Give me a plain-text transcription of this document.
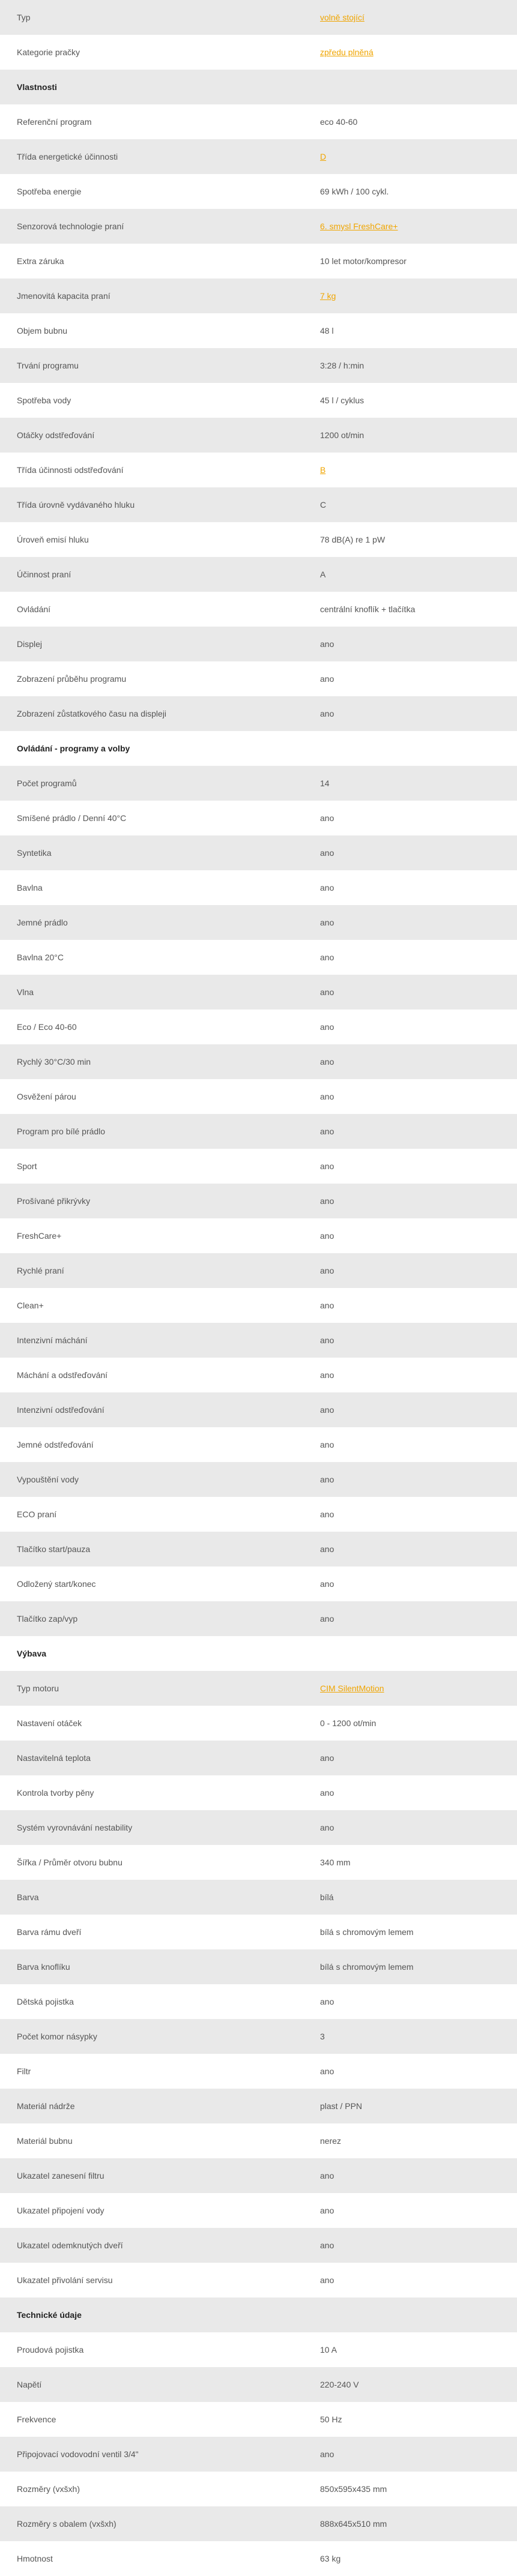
Typ	volně stojící
Kategorie pračky	zpředu plněná
Vlastnosti	
Referenční program	eco 40-60
Třída energetické účinnosti	D
Spotřeba energie	69 kWh / 100 cykl.
Senzorová technologie praní	6. smysl FreshCare+
Extra záruka	10 let motor/kompresor
Jmenovitá kapacita praní	7 kg
Objem bubnu	48 l
Trvání programu	3:28 / h:min
Spotřeba vody	45 l / cyklus
Otáčky odstřeďování	1200 ot/min
Třída účinnosti odstřeďování	B
Třída úrovně vydávaného hluku	C
Úroveň emisí hluku	78 dB(A) re 1 pW
Účinnost praní	A
Ovládání	centrální knoflík + tlačítka
Displej	ano
Zobrazení průběhu programu	ano
Zobrazení zůstatkového času na displeji	ano
Ovládání - programy a volby	
Počet programů	14
Smíšené prádlo / Denní 40°C	ano
Syntetika	ano
Bavlna	ano
Jemné prádlo	ano
Bavlna 20°C	ano
Vlna	ano
Eco / Eco 40-60	ano
Rychlý 30°C/30 min	ano
Osvěžení párou	ano
Program pro bílé prádlo	ano
Sport	ano
Prošívané přikrývky	ano
FreshCare+	ano
Rychlé praní	ano
Clean+	ano
Intenzivní máchání	ano
Máchání a odstřeďování	ano
Intenzivní odstřeďování	ano
Jemné odstřeďování	ano
Vypouštění vody	ano
ECO praní	ano
Tlačítko start/pauza	ano
Odložený start/konec	ano
Tlačítko zap/vyp	ano
Výbava	
Typ motoru	CIM SilentMotion
Nastavení otáček	0 - 1200 ot/min
Nastavitelná teplota	ano
Kontrola tvorby pěny	ano
Systém vyrovnávání nestability	ano
Šířka / Průměr otvoru bubnu	340 mm
Barva	bílá
Barva rámu dveří	bílá s chromovým lemem
Barva knoflíku	bílá s chromovým lemem
Dětská pojistka	ano
Počet komor násypky	3
Filtr	ano
Materiál nádrže	plast / PPN
Materiál bubnu	nerez
Ukazatel zanesení filtru	ano
Ukazatel připojení vody	ano
Ukazatel odemknutých dveří	ano
Ukazatel přivolání servisu	ano
Technické údaje	
Proudová pojistka	10 A
Napětí	220-240 V
Frekvence	50 Hz
Připojovací vodovodní ventil 3/4"	ano
Rozměry (vxšxh)	850x595x435 mm
Rozměry s obalem (vxšxh)	888x645x510 mm
Hmotnost	63 kg
